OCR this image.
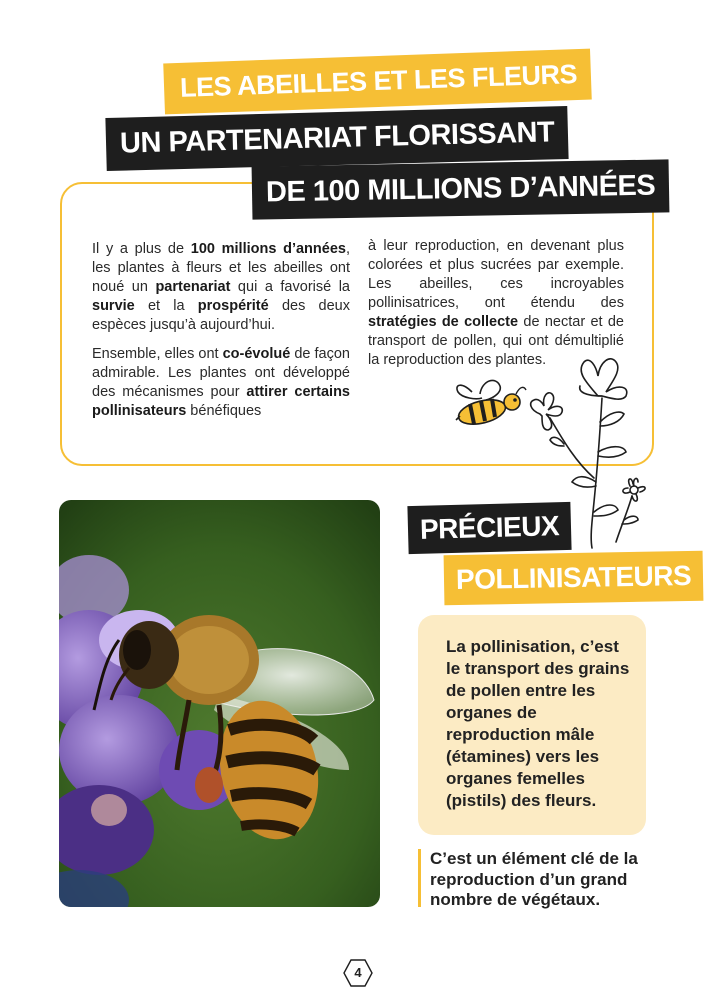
LES ABEILLES ET LES FLEURS
UN PARTENARIAT FLORISSANT
DE 100 MILLIONS D’ANNÉES

Il y a plus de 100 millions d’années, les plantes à fleurs et les abeilles ont noué un partenariat qui a favorisé la survie et la prospérité des deux espèces jusqu’à aujourd’hui.

Ensemble, elles ont co-évolué de façon admirable. Les plantes ont développé des mécanismes pour attirer certains pollinisateurs bénéfiques

à leur reproduction, en devenant plus colorées et plus sucrées par exemple. Les abeilles, ces incroyables pollinisatrices, ont étendu des stratégies de collecte de nectar et de transport de pollen, qui ont démultiplié la reproduction des plantes.

PRÉCIEUX
POLLINISATEURS
La pollinisation, c’est le transport des grains de pollen entre les organes de reproduction mâle (étamines) vers les organes femelles (pistils) des fleurs.
C’est un élément clé de la reproduction d’un grand nombre de végétaux.
4
